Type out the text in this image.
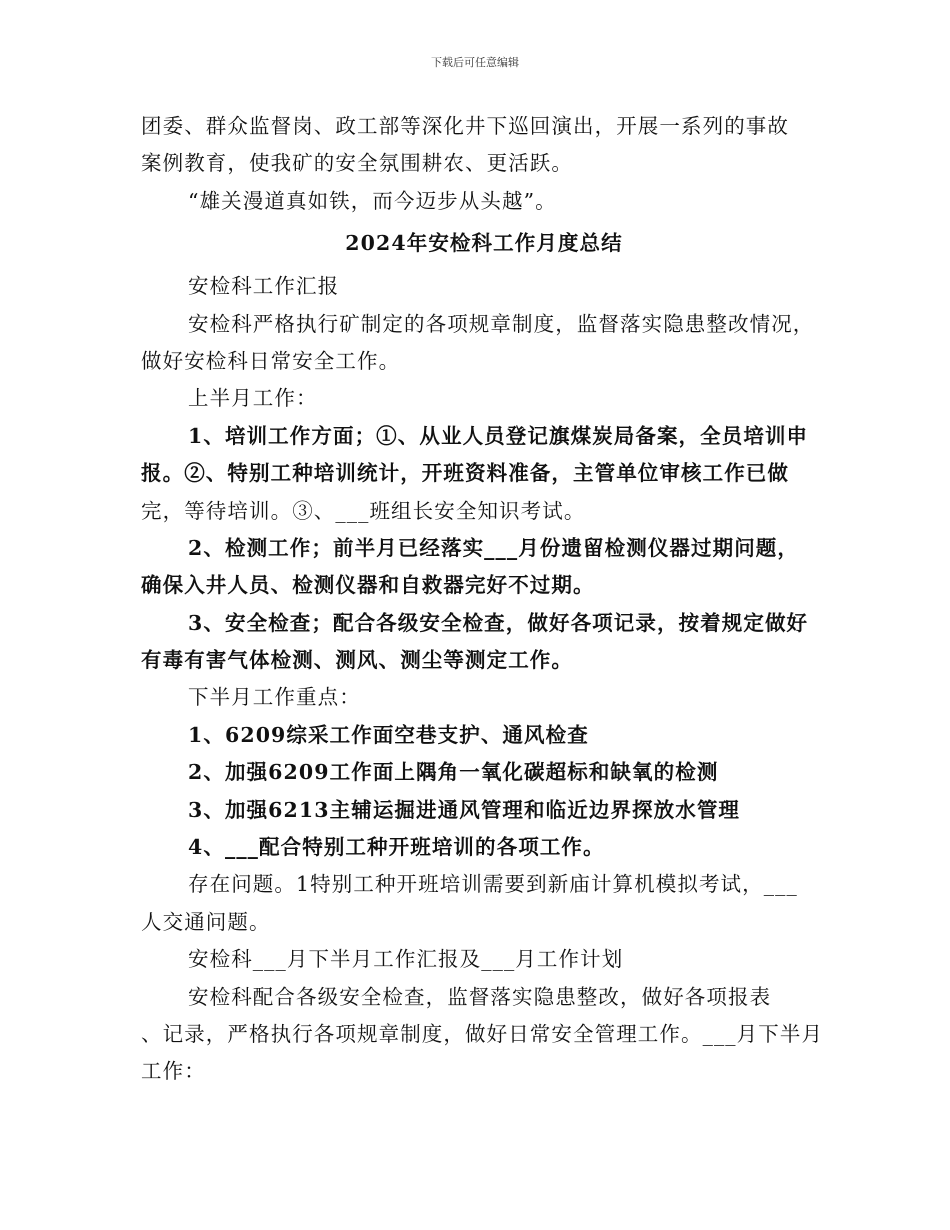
下载后可任意编辑
团委、群众监督岗、政工部等深化井下巡回演出，开展一系列的事故
案例教育，使我矿的安全氛围耕农、更活跃。
“雄关漫道真如铁，而今迈步从头越”。
2024年安检科工作月度总结
安检科工作汇报
安检科严格执行矿制定的各项规章制度，监督落实隐患整改情况，
做好安检科日常安全工作。
上半月工作：
1、培训工作方面；①、从业人员登记旗煤炭局备案，全员培训申
报。②、特别工种培训统计，开班资料准备，主管单位审核工作已做
完，等待培训。③、___班组长安全知识考试。
2、检测工作；前半月已经落实___月份遗留检测仪器过期问题，
确保入井人员、检测仪器和自救器完好不过期。
3、安全检查；配合各级安全检查，做好各项记录，按着规定做好
有毒有害气体检测、测风、测尘等测定工作。
下半月工作重点：
1、6209综采工作面空巷支护、通风检查
2、加强6209工作面上隅角一氧化碳超标和缺氧的检测
3、加强6213主辅运掘进通风管理和临近边界探放水管理
4、___配合特别工种开班培训的各项工作。
存在问题。1特别工种开班培训需要到新庙计算机模拟考试，___
人交通问题。
安检科___月下半月工作汇报及___月工作计划
安检科配合各级安全检查，监督落实隐患整改，做好各项报表
、记录，严格执行各项规章制度，做好日常安全管理工作。___月下半月
工作：
